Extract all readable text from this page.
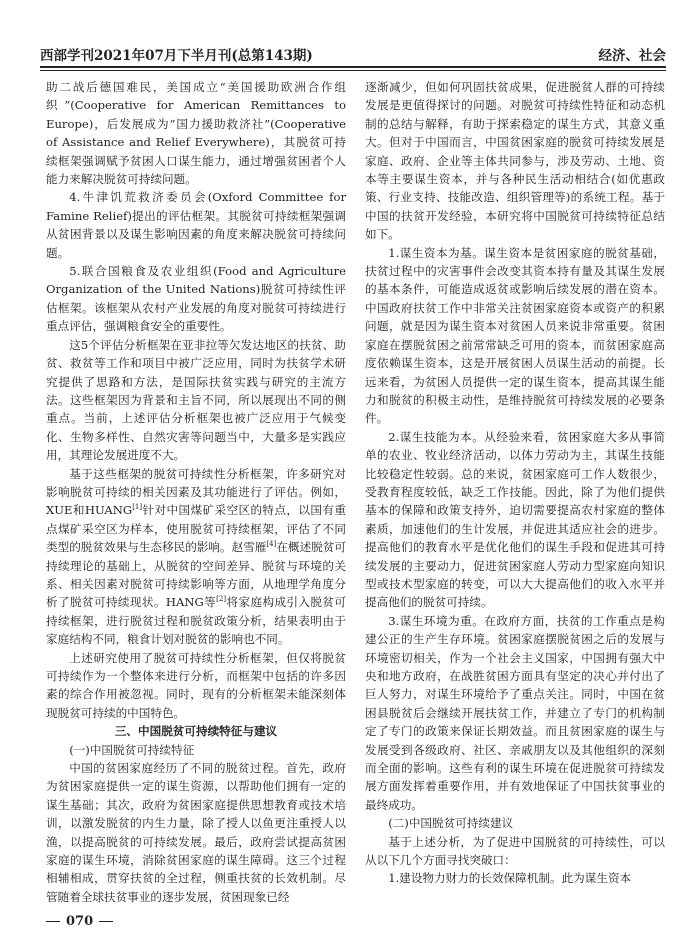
西部学刊2021年07月下半月刊(总第143期)	经济、社会

助二战后德国难民，美国成立“美国援助欧洲合作组织”(Cooperative for American Remittances to Europe)，后发展成为“国力援助救济社”(Cooperative of Assistance and Relief Everywhere)，其脱贫可持续框架强调赋予贫困人口谋生能力，通过增强贫困者个人能力来解决脱贫可持续问题。

4.牛津饥荒救济委员会(Oxford Committee for Famine Relief)提出的评估框架。其脱贫可持续框架强调从贫困背景以及谋生影响因素的角度来解决脱贫可持续问题。

5.联合国粮食及农业组织(Food and Agriculture Organization of the United Nations)脱贫可持续性评估框架。该框架从农村产业发展的角度对脱贫可持续进行重点评估，强调粮食安全的重要性。

这5个评估分析框架在亚非拉等欠发达地区的扶贫、助贫、救贫等工作和项目中被广泛应用，同时为扶贫学术研究提供了思路和方法，是国际扶贫实践与研究的主流方法。这些框架因为背景和主旨不同，所以展现出不同的侧重点。当前，上述评估分析框架也被广泛应用于气候变化、生物多样性、自然灾害等问题当中，大量多是实践应用，其理论发展进度不大。

基于这些框架的脱贫可持续性分析框架，许多研究对影响脱贫可持续的相关因素及其功能进行了评估。例如，XUE和HUANG[1]针对中国煤矿采空区的特点，以国有重点煤矿采空区为样本，使用脱贫可持续框架，评估了不同类型的脱贫效果与生态移民的影响。赵雪雁[4]在概述脱贫可持续理论的基础上，从脱贫的空间差异、脱贫与环境的关系、相关因素对脱贫可持续影响等方面，从地理学角度分析了脱贫可持续现状。HANG等[2]将家庭构成引入脱贫可持续框架，进行脱贫过程和脱贫政策分析，结果表明由于家庭结构不同，粮食计划对脱贫的影响也不同。

上述研究使用了脱贫可持续性分析框架，但仅将脱贫可持续作为一个整体来进行分析，而框架中包括的许多因素的综合作用被忽视。同时，现有的分析框架未能深刻体现脱贫可持续的中国特色。

三、中国脱贫可持续特征与建议
(一)中国脱贫可持续特征

中国的贫困家庭经历了不同的脱贫过程。首先，政府为贫困家庭提供一定的谋生资源，以帮助他们拥有一定的谋生基础；其次，政府为贫困家庭提供思想教育或技术培训，以激发脱贫的内生力量，除了授人以鱼更注重授人以渔，以提高脱贫的可持续发展。最后，政府尝试提高贫困家庭的谋生环境，消除贫困家庭的谋生障碍。这三个过程相辅相成，贯穿扶贫的全过程，侧重扶贫的长效机制。尽管随着全球扶贫事业的逐步发展，贫困现象已经

逐渐减少，但如何巩固扶贫成果，促进脱贫人群的可持续发展是更值得探讨的问题。对脱贫可持续性特征和动态机制的总结与解释，有助于探索稳定的谋生方式，其意义重大。但对于中国而言，中国贫困家庭的脱贫可持续发展是家庭、政府、企业等主体共同参与，涉及劳动、土地、资本等主要谋生资本，并与各种民生活动相结合(如优惠政策、行业支持、技能改造、组织管理等)的系统工程。基于中国的扶贫开发经验，本研究将中国脱贫可持续特征总结如下。

1.谋生资本为基。谋生资本是贫困家庭的脱贫基础，扶贫过程中的灾害事件会改变其资本持有量及其谋生发展的基本条件，可能造成返贫或影响后续发展的潜在资本。中国政府扶贫工作中非常关注贫困家庭资本或资产的积累问题，就是因为谋生资本对贫困人员来说非常重要。贫困家庭在摆脱贫困之前常常缺乏可用的资本，而贫困家庭高度依赖谋生资本，这是开展贫困人员谋生活动的前提。长远来看，为贫困人员提供一定的谋生资本，提高其谋生能力和脱贫的积极主动性，是维持脱贫可持续发展的必要条件。

2.谋生技能为本。从经验来看，贫困家庭大多从事简单的农业、牧业经济活动，以体力劳动为主，其谋生技能比较稳定性较弱。总的来说，贫困家庭可工作人数很少，受教育程度较低，缺乏工作技能。因此，除了为他们提供基本的保障和政策支持外，迫切需要提高农村家庭的整体素质，加速他们的生计发展，并促进其适应社会的进步。提高他们的教育水平是优化他们的谋生手段和促进其可持续发展的主要动力，促进贫困家庭人劳动力型家庭向知识型或技术型家庭的转变，可以大大提高他们的收入水平并提高他们的脱贫可持续。

3.谋生环境为重。在政府方面，扶贫的工作重点是构建公正的生产生存环境。贫困家庭摆脱贫困之后的发展与环境密切相关，作为一个社会主义国家，中国拥有强大中央和地方政府，在战胜贫困方面具有坚定的决心并付出了巨人努力，对谋生环境给予了重点关注。同时，中国在贫困县脱贫后会继续开展扶贫工作，并建立了专门的机构制定了专门的政策来保证长期效益。而且贫困家庭的谋生与发展受到各级政府、社区、亲戚朋友以及其他组织的深刻而全面的影响。这些有利的谋生环境在促进脱贫可持续发展方面发挥着重要作用，并有效地保证了中国扶贫事业的最终成功。

(二)中国脱贫可持续建议

基于上述分析，为了促进中国脱贫的可持续性，可以从以下几个方面寻找突破口：

1.建设物力财力的长效保障机制。此为谋生资本

070
